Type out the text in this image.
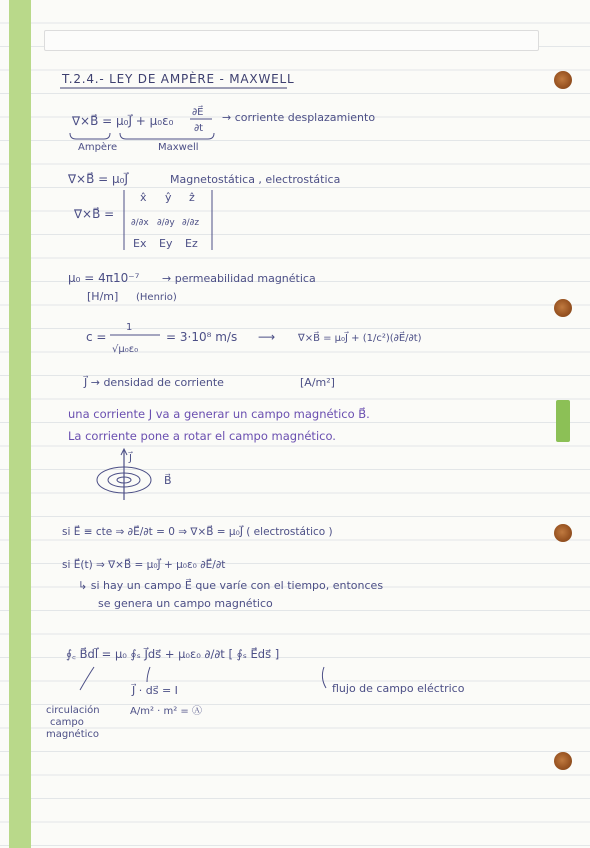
T.2.4.- LEY DE AMPÈRE - MAXWELL
∇×B⃗ = μ₀J⃗ + μ₀ε₀
∂E⃗
∂t
→ corriente desplazamiento
Ampère	Maxwell
∇×B⃗ = μ₀J⃗	Magnetostática , electrostática
∇×B⃗ =
x̂ ŷ ẑ
∂/∂x ∂/∂y ∂/∂z
Ex Ey Ez
μ₀ = 4π10⁻⁷ → permeabilidad magnética
[H/m] (Henrio)
c =
1
√μ₀ε₀
= 3·10⁸ m/s ⟶ ∇×B⃗ = μ₀J⃗ + (1/c²)(∂E⃗/∂t)
J⃗ → densidad de corriente	[A/m²]
una corriente J va a generar un campo magnético B⃗.
La corriente pone a rotar el campo magnético.
J⃗
B⃗
si E⃗ ≡ cte ⇒ ∂E⃗/∂t = 0 ⇒ ∇×B⃗ = μ₀J⃗ ( electrostático )
si E⃗(t) ⇒ ∇×B⃗ = μ₀J⃗ + μ₀ε₀ ∂E⃗/∂t
↳ si hay un campo E⃗ que varíe con el tiempo, entonces
se genera un campo magnético
∮꜀ B⃗dl⃗ = μ₀ ∮ₛ J⃗ds⃗ + μ₀ε₀ ∂/∂t [ ∮ₛ E⃗ds⃗ ]
circulación
campo
magnético
J⃗ · ds⃗ = I
A/m² · m² = Ⓐ
flujo de campo eléctrico
